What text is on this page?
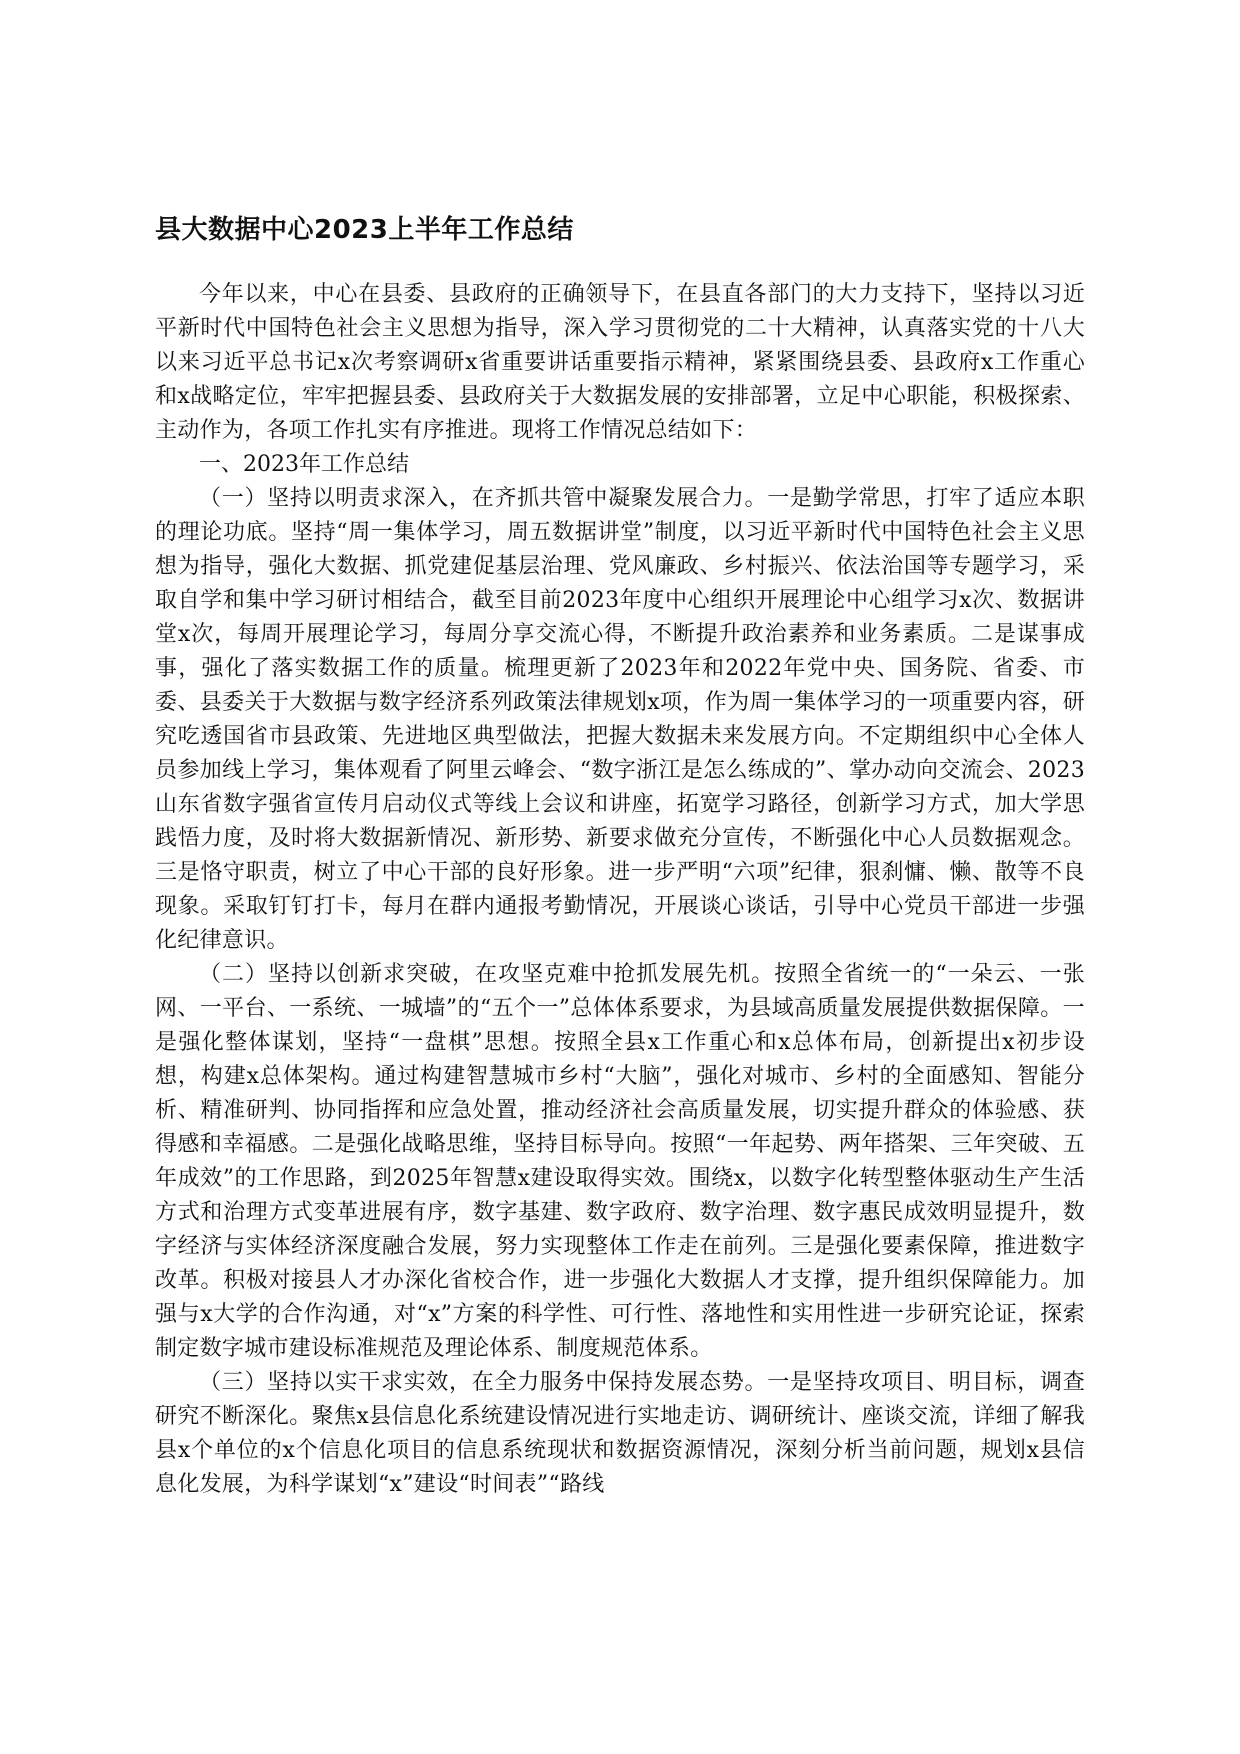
县大数据中心2023上半年工作总结

今年以来，中心在县委、县政府的正确领导下，在县直各部门的大力支持下，坚持以习近平新时代中国特色社会主义思想为指导，深入学习贯彻党的二十大精神，认真落实党的十八大以来习近平总书记x次考察调研x省重要讲话重要指示精神，紧紧围绕县委、县政府x工作重心和x战略定位，牢牢把握县委、县政府关于大数据发展的安排部署，立足中心职能，积极探索、主动作为，各项工作扎实有序推进。现将工作情况总结如下：

一、2023年工作总结

（一）坚持以明责求深入，在齐抓共管中凝聚发展合力。一是勤学常思，打牢了适应本职的理论功底。坚持“周一集体学习，周五数据讲堂”制度，以习近平新时代中国特色社会主义思想为指导，强化大数据、抓党建促基层治理、党风廉政、乡村振兴、依法治国等专题学习，采取自学和集中学习研讨相结合，截至目前2023年度中心组织开展理论中心组学习x次、数据讲堂x次，每周开展理论学习，每周分享交流心得，不断提升政治素养和业务素质。二是谋事成事，强化了落实数据工作的质量。梳理更新了2023年和2022年党中央、国务院、省委、市委、县委关于大数据与数字经济系列政策法律规划x项，作为周一集体学习的一项重要内容，研究吃透国省市县政策、先进地区典型做法，把握大数据未来发展方向。不定期组织中心全体人员参加线上学习，集体观看了阿里云峰会、“数字浙江是怎么练成的”、掌办动向交流会、2023山东省数字强省宣传月启动仪式等线上会议和讲座，拓宽学习路径，创新学习方式，加大学思践悟力度，及时将大数据新情况、新形势、新要求做充分宣传，不断强化中心人员数据观念。三是恪守职责，树立了中心干部的良好形象。进一步严明“六项”纪律，狠刹慵、懒、散等不良现象。采取钉钉打卡，每月在群内通报考勤情况，开展谈心谈话，引导中心党员干部进一步强化纪律意识。

（二）坚持以创新求突破，在攻坚克难中抢抓发展先机。按照全省统一的“一朵云、一张网、一平台、一系统、一城墙”的“五个一”总体体系要求，为县域高质量发展提供数据保障。一是强化整体谋划，坚持“一盘棋”思想。按照全县x工作重心和x总体布局，创新提出x初步设想，构建x总体架构。通过构建智慧城市乡村“大脑”，强化对城市、乡村的全面感知、智能分析、精准研判、协同指挥和应急处置，推动经济社会高质量发展，切实提升群众的体验感、获得感和幸福感。二是强化战略思维，坚持目标导向。按照“一年起势、两年搭架、三年突破、五年成效”的工作思路，到2025年智慧x建设取得实效。围绕x，以数字化转型整体驱动生产生活方式和治理方式变革进展有序，数字基建、数字政府、数字治理、数字惠民成效明显提升，数字经济与实体经济深度融合发展，努力实现整体工作走在前列。三是强化要素保障，推进数字改革。积极对接县人才办深化省校合作，进一步强化大数据人才支撑，提升组织保障能力。加强与x大学的合作沟通，对“x”方案的科学性、可行性、落地性和实用性进一步研究论证，探索制定数字城市建设标准规范及理论体系、制度规范体系。

（三）坚持以实干求实效，在全力服务中保持发展态势。一是坚持攻项目、明目标，调查研究不断深化。聚焦x县信息化系统建设情况进行实地走访、调研统计、座谈交流，详细了解我县x个单位的x个信息化项目的信息系统现状和数据资源情况，深刻分析当前问题，规划x县信息化发展，为科学谋划“x”建设“时间表”“路线
